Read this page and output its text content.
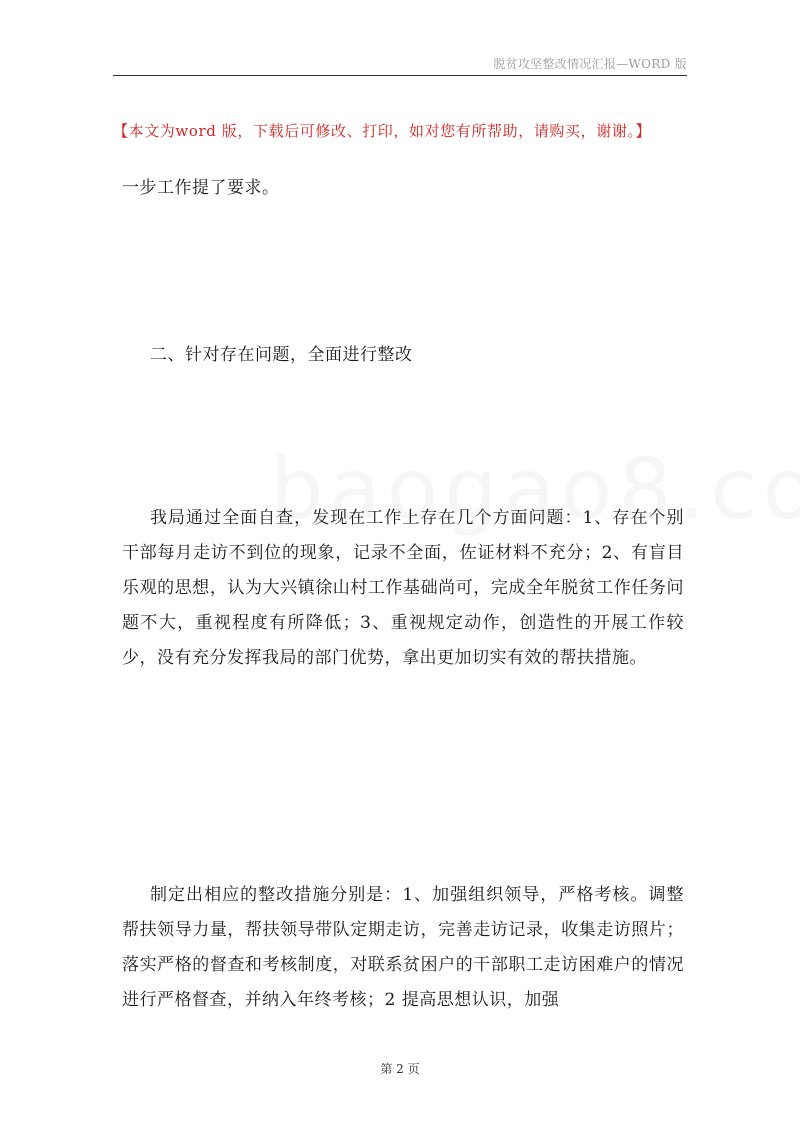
脱贫攻坚整改情况汇报—WORD 版
【本文为word 版，下载后可修改、打印，如对您有所帮助，请购买，谢谢。】
一步工作提了要求。
二、针对存在问题，全面进行整改

我局通过全面自查，发现在工作上存在几个方面问题：1、存在个别干部每月走访不到位的现象，记录不全面，佐证材料不充分；2、有盲目乐观的思想，认为大兴镇徐山村工作基础尚可，完成全年脱贫工作任务问题不大，重视程度有所降低；3、重视规定动作，创造性的开展工作较少，没有充分发挥我局的部门优势，拿出更加切实有效的帮扶措施。

制定出相应的整改措施分别是：1、加强组织领导，严格考核。调整帮扶领导力量，帮扶领导带队定期走访，完善走访记录，收集走访照片；落实严格的督查和考核制度，对联系贫困户的干部职工走访困难户的情况进行严格督查，并纳入年终考核；2 提高思想认识，加强

第 2 页
